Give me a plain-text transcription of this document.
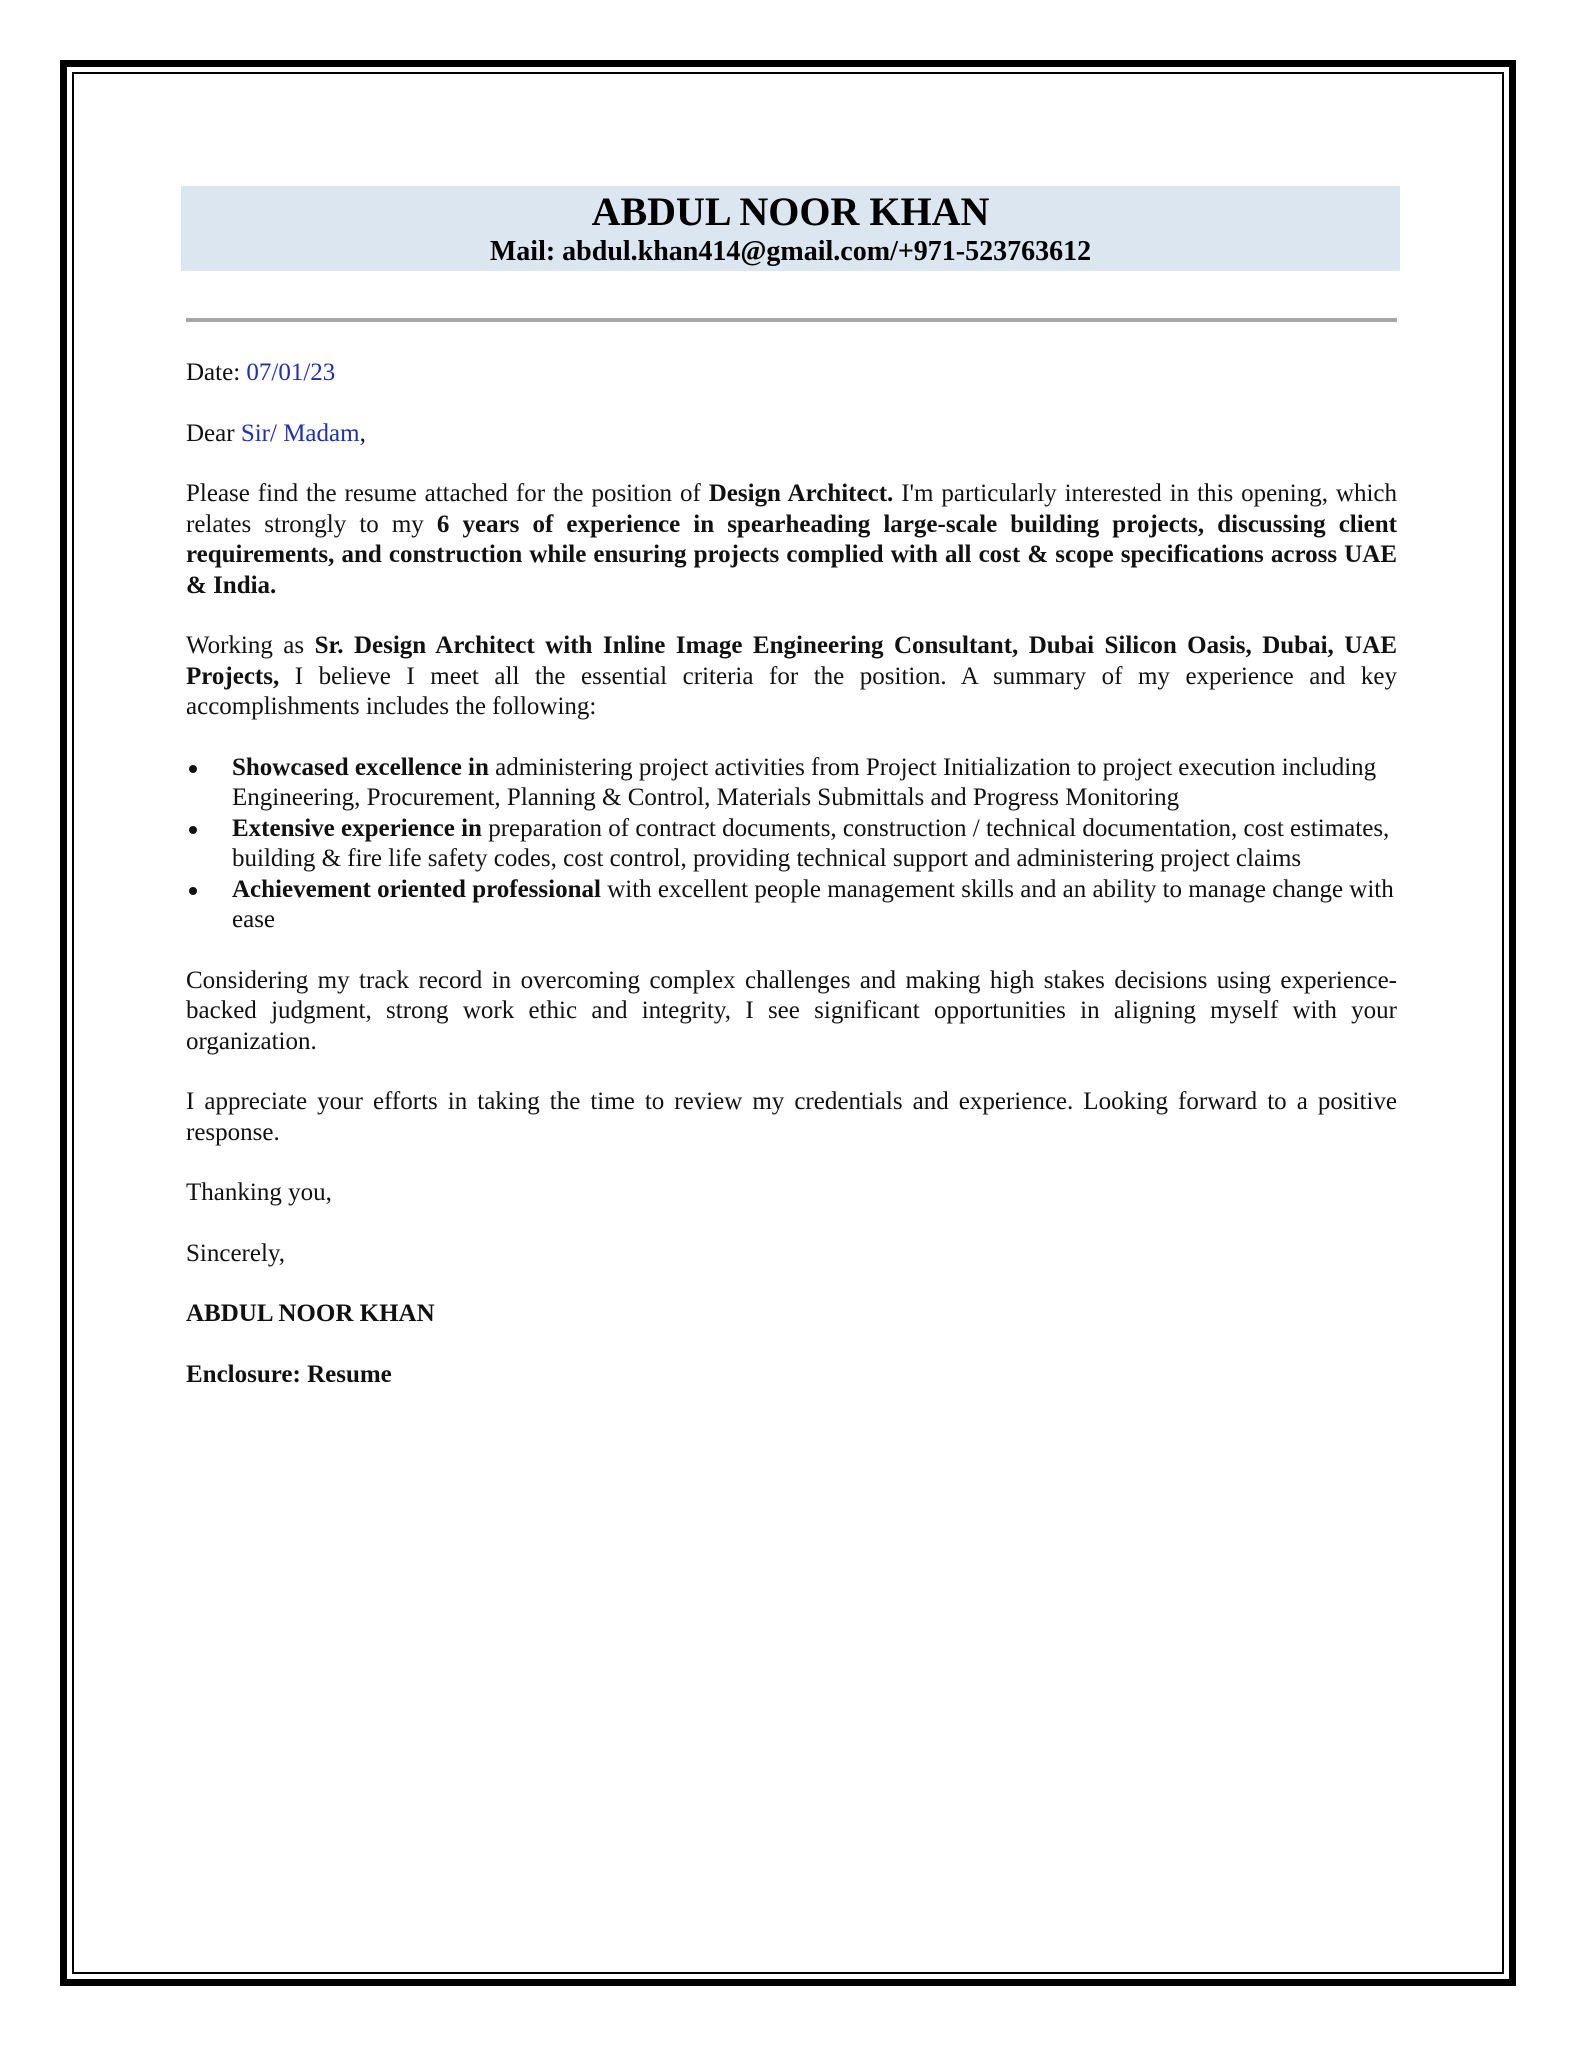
ABDUL NOOR KHAN
Mail: abdul.khan414@gmail.com/+971-523763612

Date: 07/01/23

Dear Sir/ Madam,

Please find the resume attached for the position of Design Architect. I'm particularly interested in this opening, which relates strongly to my 6 years of experience in spearheading large-scale building projects, discussing client requirements, and construction while ensuring projects complied with all cost & scope specifications across UAE & India.

Working as Sr. Design Architect with Inline Image Engineering Consultant, Dubai Silicon Oasis, Dubai, UAE Projects, I believe I meet all the essential criteria for the position. A summary of my experience and key accomplishments includes the following:

Showcased excellence in administering project activities from Project Initialization to project execution including Engineering, Procurement, Planning & Control, Materials Submittals and Progress Monitoring
Extensive experience in preparation of contract documents, construction / technical documentation, cost estimates, building & fire life safety codes, cost control, providing technical support and administering project claims
Achievement oriented professional with excellent people management skills and an ability to manage change with ease

Considering my track record in overcoming complex challenges and making high stakes decisions using experience-backed judgment, strong work ethic and integrity, I see significant opportunities in aligning myself with your organization.

I appreciate your efforts in taking the time to review my credentials and experience. Looking forward to a positive response.

Thanking you,

Sincerely,

ABDUL NOOR KHAN

Enclosure: Resume
